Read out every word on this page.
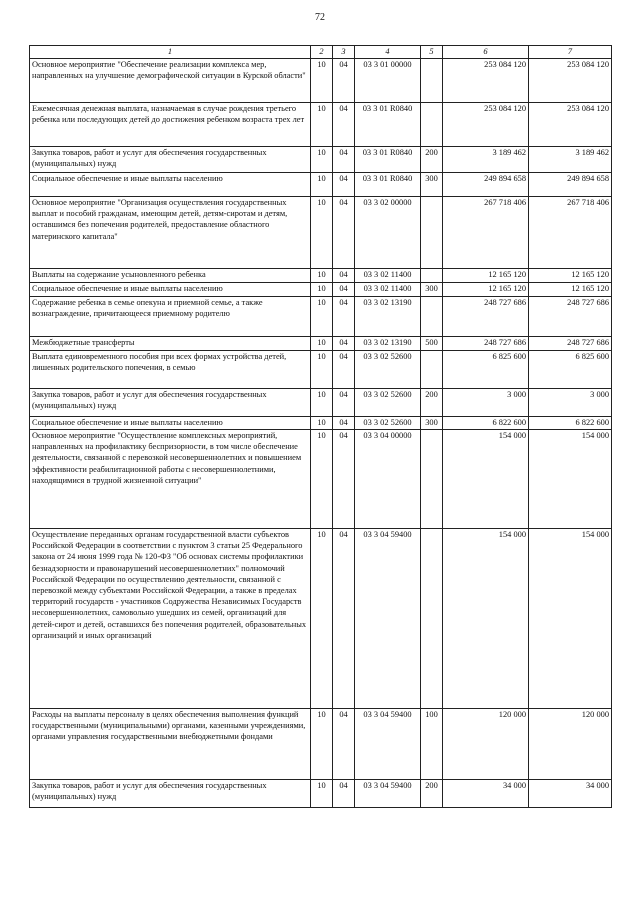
72
1	2	3	4	5	6	7
Основное мероприятие "Обеспечение реализации комплекса мер, направленных на улучшение демографической ситуации в Курской области"	10	04	03 3 01 00000		253 084 120	253 084 120
Ежемесячная денежная выплата, назначаемая в случае рождения третьего ребенка или последующих детей до достижения ребенком возраста трех лет	10	04	03 3 01 R0840		253 084 120	253 084 120
Закупка товаров, работ и услуг для обеспечения государственных (муниципальных) нужд	10	04	03 3 01 R0840	200	3 189 462	3 189 462
Социальное обеспечение и иные выплаты населению	10	04	03 3 01 R0840	300	249 894 658	249 894 658
Основное мероприятие "Организация осуществления государственных выплат и пособий гражданам, имеющим детей, детям-сиротам и детям, оставшимся без попечения родителей, предоставление областного материнского капитала"	10	04	03 3 02 00000		267 718 406	267 718 406
Выплаты на содержание усыновленного ребенка	10	04	03 3 02 11400		12 165 120	12 165 120
Социальное обеспечение и иные выплаты населению	10	04	03 3 02 11400	300	12 165 120	12 165 120
Содержание ребенка в семье опекуна и приемной семье, а также вознаграждение, причитающееся приемному родителю	10	04	03 3 02 13190		248 727 686	248 727 686
Межбюджетные трансферты	10	04	03 3 02 13190	500	248 727 686	248 727 686
Выплата единовременного пособия при всех формах устройства детей, лишенных родительского попечения, в семью	10	04	03 3 02 52600		6 825 600	6 825 600
Закупка товаров, работ и услуг для обеспечения государственных (муниципальных) нужд	10	04	03 3 02 52600	200	3 000	3 000
Социальное обеспечение и иные выплаты населению	10	04	03 3 02 52600	300	6 822 600	6 822 600
Основное мероприятие "Осуществление комплексных мероприятий, направленных на профилактику беспризорности, в том числе обеспечение деятельности, связанной с перевозкой несовершеннолетних и повышением эффективности реабилитационной работы с несовершеннолетними, находящимися в трудной жизненной ситуации"	10	04	03 3 04 00000		154 000	154 000
Осуществление переданных органам государственной власти субъектов Российской Федерации в соответствии с пунктом 3 статьи 25 Федерального закона от 24 июня 1999 года № 120-ФЗ "Об основах системы профилактики безнадзорности и правонарушений несовершеннолетних" полномочий Российской Федерации по осуществлению деятельности, связанной с перевозкой между субъектами Российской Федерации, а также в пределах территорий государств - участников Содружества Независимых Государств несовершеннолетних, самовольно ушедших из семей, организаций для детей-сирот и детей, оставшихся без попечения родителей, образовательных организаций и иных организаций	10	04	03 3 04 59400		154 000	154 000
Расходы на выплаты персоналу в целях обеспечения выполнения функций государственными (муниципальными) органами, казенными учреждениями, органами управления государственными внебюджетными фондами	10	04	03 3 04 59400	100	120 000	120 000
Закупка товаров, работ и услуг для обеспечения государственных (муниципальных) нужд	10	04	03 3 04 59400	200	34 000	34 000
